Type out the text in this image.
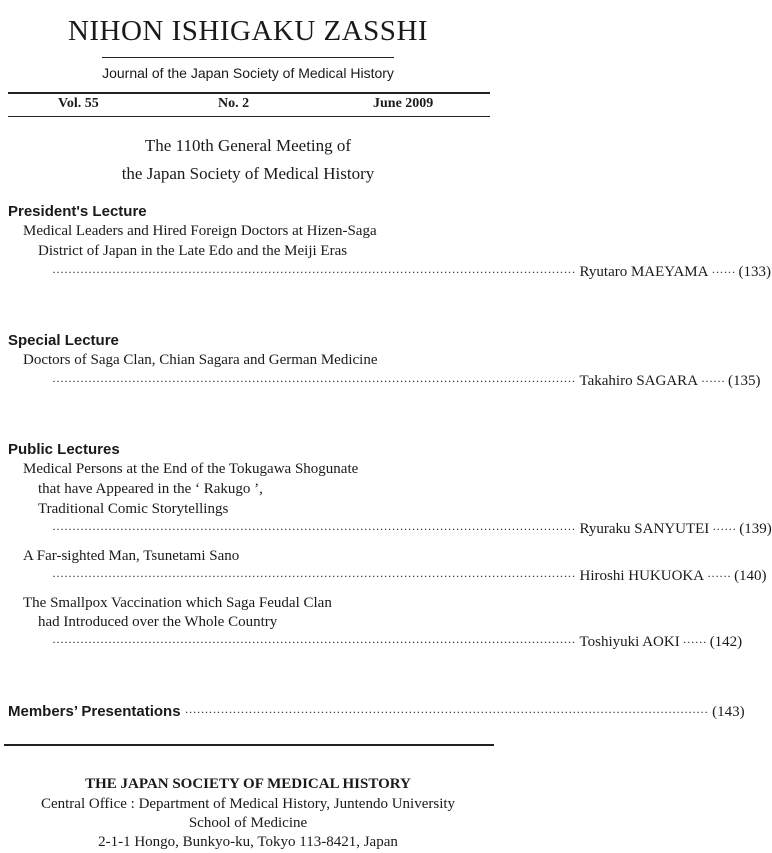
NIHON ISHIGAKU ZASSHI
Journal of the Japan Society of Medical History
Vol. 55	No. 2	June 2009
The 110th General Meeting of
the Japan Society of Medical History
President's Lecture
Medical Leaders and Hired Foreign Doctors at Hizen-Saga
District of Japan in the Late Edo and the Meiji Eras
··································································································································· Ryutaro MAEYAMA ······ (133)
Special Lecture
Doctors of Saga Clan, Chian Sagara and German Medicine
··································································································································· Takahiro SAGARA ······ (135)
Public Lectures
Medical Persons at the End of the Tokugawa Shogunate
that have Appeared in the ‘ Rakugo ’,
Traditional Comic Storytellings
··································································································································· Ryuraku SANYUTEI ······ (139)
A Far-sighted Man, Tsunetami Sano
··································································································································· Hiroshi HUKUOKA ······ (140)
The Smallpox Vaccination which Saga Feudal Clan
had Introduced over the Whole Country
··································································································································· Toshiyuki AOKI ······ (142)
Members’ Presentations ··································································································································· (143)
THE JAPAN SOCIETY OF MEDICAL HISTORY
Central Office : Department of Medical History, Juntendo University
School of Medicine
2-1-1 Hongo, Bunkyo-ku, Tokyo 113-8421, Japan
